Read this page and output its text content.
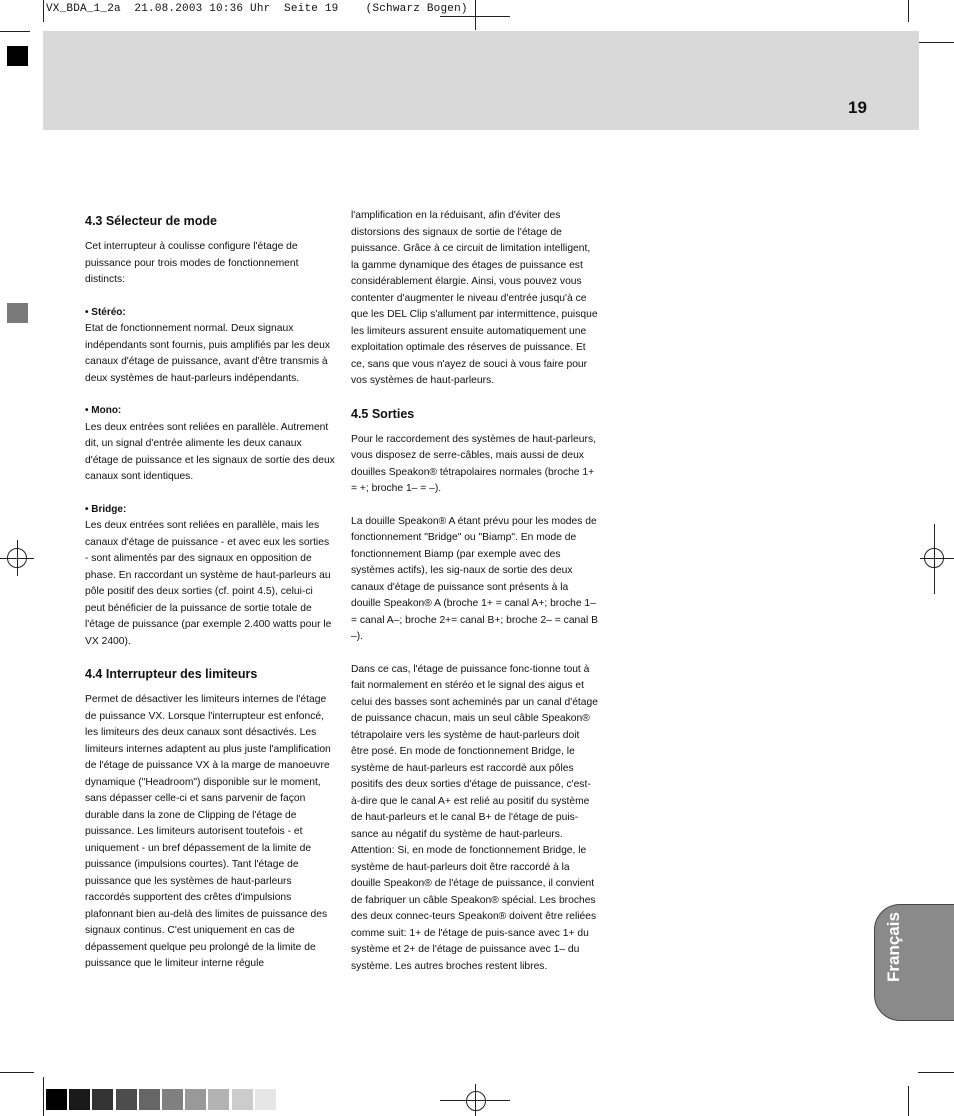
VX_BDA_1_2a  21.08.2003 10:36 Uhr  Seite 19    (Schwarz Bogen)
19
4.3 Sélecteur de mode

Cet interrupteur à coulisse configure l'étage de puissance pour trois modes de fonctionnement distincts:

• Stéréo:

Etat de fonctionnement normal. Deux signaux indépendants sont fournis, puis amplifiés par les deux canaux d'étage de puissance, avant d'être transmis à deux systèmes de haut-parleurs indépendants.

• Mono:

Les deux entrées sont reliées en parallèle. Autrement dit, un signal d'entrée alimente les deux canaux d'étage de puissance et les signaux de sortie des deux canaux sont identiques.

• Bridge:

Les deux entrées sont reliées en parallèle, mais les canaux d'étage de puissance - et avec eux les sorties - sont alimentés par des signaux en opposition de phase. En raccordant un système de haut-parleurs au pôle positif des deux sorties (cf. point 4.5), celui-ci peut bénéficier de la puissance de sortie totale de l'étage de puissance (par exemple 2.400 watts pour le VX 2400).

4.4 Interrupteur des limiteurs

Permet de désactiver les limiteurs internes de l'étage de puissance VX. Lorsque l'interrupteur est enfoncé, les limiteurs des deux canaux sont désactivés. Les limiteurs internes adaptent au plus juste l'amplification de l'étage de puissance VX à la marge de manoeuvre dynamique ("Headroom") disponible sur le moment, sans dépasser celle-ci et sans parvenir de façon durable dans la zone de Clipping de l'étage de puissance. Les limiteurs autorisent toutefois - et uniquement - un bref dépassement de la limite de puissance (impulsions courtes). Tant l'étage de puissance que les systèmes de haut-parleurs raccordés supportent des crêtes d'impulsions plafonnant bien au-delà des limites de puissance des signaux continus. C'est uniquement en cas de dépassement quelque peu prolongé de la limite de puissance que le limiteur interne régule

l'amplification en la réduisant, afin d'éviter des distorsions des signaux de sortie de l'étage de puissance. Grâce à ce circuit de limitation intelligent, la gamme dynamique des étages de puissance est considérablement élargie. Ainsi, vous pouvez vous contenter d'augmenter le niveau d'entrée jusqu'à ce que les DEL Clip s'allument par intermittence, puisque les limiteurs assurent ensuite automatiquement une exploitation optimale des réserves de puissance. Et ce, sans que vous n'ayez de souci à vous faire pour vos systèmes de haut-parleurs.

4.5 Sorties

Pour le raccordement des systèmes de haut-parleurs, vous disposez de serre-câbles, mais aussi de deux douilles Speakon® tétrapolaires normales (broche 1+ = +; broche 1– = –).

La douille Speakon® A étant prévu pour les modes de fonctionnement "Bridge" ou "Biamp". En mode de fonctionnement Biamp (par exemple avec des systèmes actifs), les sig-naux de sortie des deux canaux d'étage de puissance sont présents à la douille Speakon® A (broche 1+ = canal A+; broche 1– = canal A–; broche 2+= canal B+; broche 2– = canal B –).

Dans ce cas, l'étage de puissance fonc-tionne tout à fait normalement en stéréo et le signal des aigus et celui des basses sont acheminés par un canal d'étage de puissance chacun, mais un seul câble Speakon® tétrapolaire vers les système de haut-parleurs doit être posé. En mode de fonctionnement Bridge, le système de haut-parleurs est raccordé aux pôles positifs des deux sorties d'étage de puissance, c'est-à-dire que le canal A+ est relié au positif du système de haut-parleurs et le canal B+ de l'étage de puis-sance au négatif du système de haut-parleurs. Attention: Si, en mode de fonctionnement Bridge, le système de haut-parleurs doit être raccordé à la douille Speakon® de l'étage de puissance, il convient de fabriquer un câble Speakon® spécial. Les broches des deux connec-teurs Speakon® doivent être reliées comme suit: 1+ de l'étage de puis-sance avec 1+ du système et 2+ de l'étage de puissance avec 1– du système. Les autres broches restent libres.	Français
